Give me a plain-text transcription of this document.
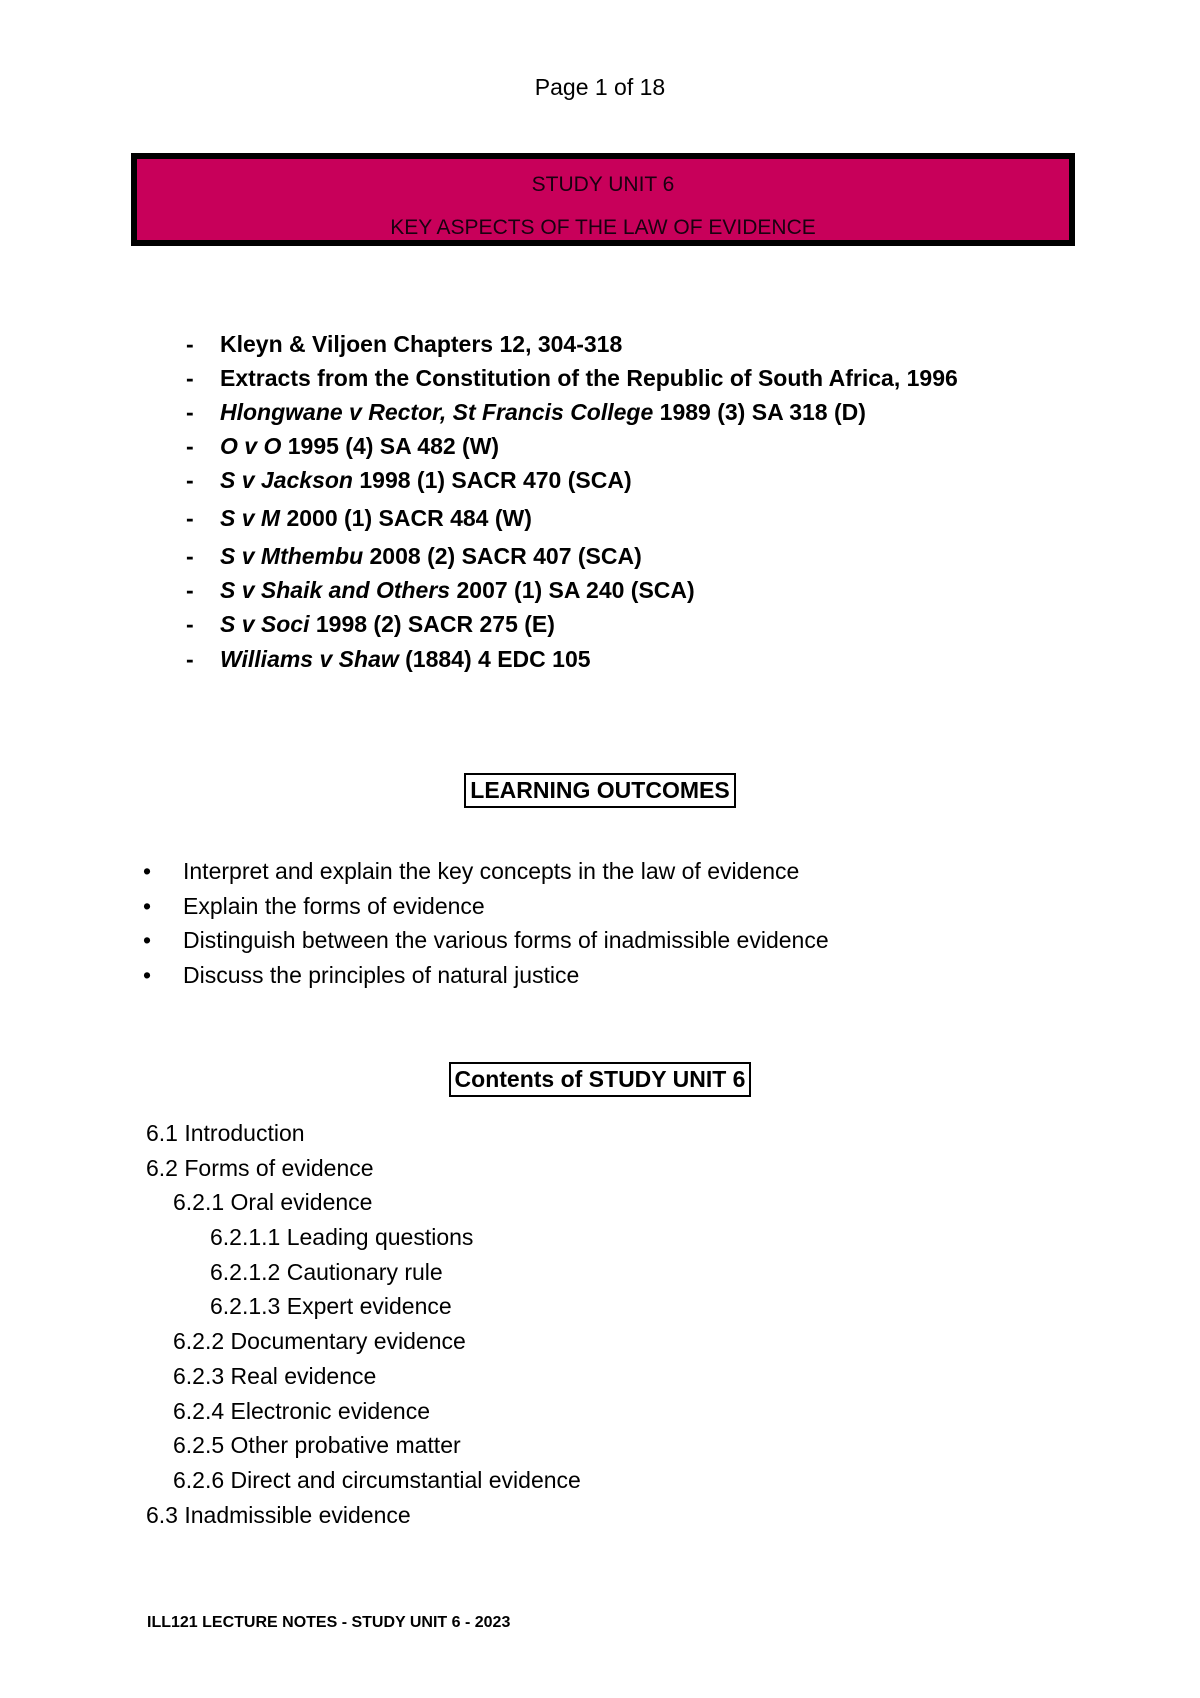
Page 1 of 18
STUDY UNIT 6
KEY ASPECTS OF THE LAW OF EVIDENCE
- Kleyn & Viljoen Chapters 12, 304-318
- Extracts from the Constitution of the Republic of South Africa, 1996
- Hlongwane v Rector, St Francis College 1989 (3) SA 318 (D)
- O v O 1995 (4) SA 482 (W)
- S v Jackson 1998 (1) SACR 470 (SCA)
- S v M 2000 (1) SACR 484 (W)
- S v Mthembu 2008 (2) SACR 407 (SCA)
- S v Shaik and Others 2007 (1) SA 240 (SCA)
- S v Soci 1998 (2) SACR 275 (E)
- Williams v Shaw (1884) 4 EDC 105
LEARNING OUTCOMES
• Interpret and explain the key concepts in the law of evidence
• Explain the forms of evidence
• Distinguish between the various forms of inadmissible evidence
• Discuss the principles of natural justice
Contents of STUDY UNIT 6
6.1 Introduction
6.2 Forms of evidence
6.2.1 Oral evidence
6.2.1.1 Leading questions
6.2.1.2 Cautionary rule
6.2.1.3 Expert evidence
6.2.2 Documentary evidence
6.2.3 Real evidence
6.2.4 Electronic evidence
6.2.5 Other probative matter
6.2.6 Direct and circumstantial evidence
6.3 Inadmissible evidence
ILL121 LECTURE NOTES - STUDY UNIT 6 - 2023
